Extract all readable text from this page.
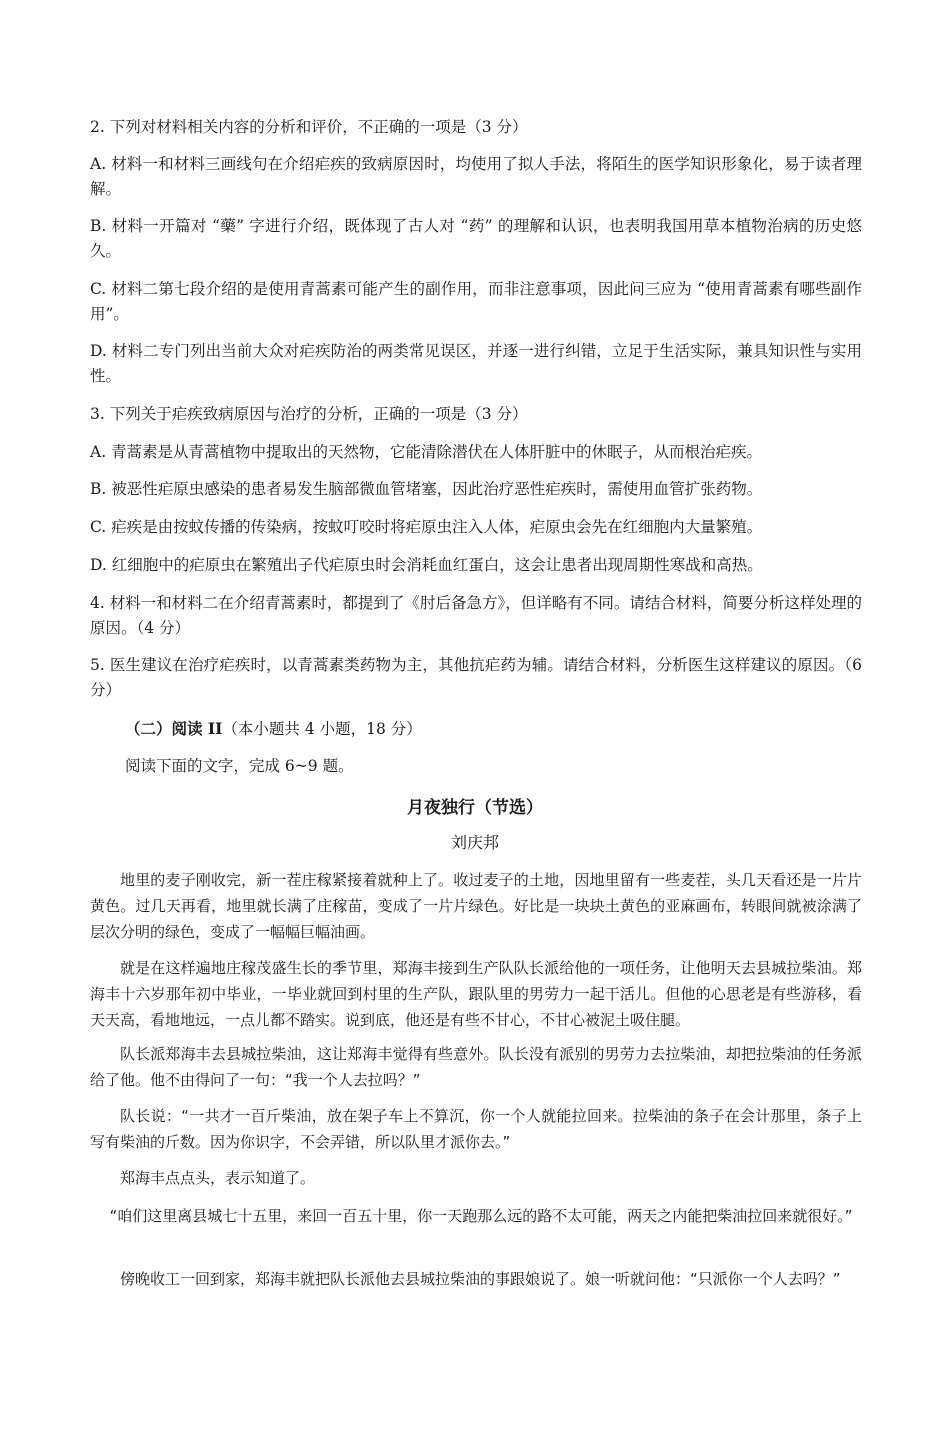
2. 下列对材料相关内容的分析和评价，不正确的一项是（3 分）

A. 材料一和材料三画线句在介绍疟疾的致病原因时，均使用了拟人手法，将陌生的医学知识形象化，易于读者理解。

B. 材料一开篇对 “藥” 字进行介绍，既体现了古人对 “药” 的理解和认识，也表明我国用草本植物治病的历史悠久。

C. 材料二第七段介绍的是使用青蒿素可能产生的副作用，而非注意事项，因此问三应为 “使用青蒿素有哪些副作用”。

D. 材料二专门列出当前大众对疟疾防治的两类常见误区，并逐一进行纠错，立足于生活实际，兼具知识性与实用性。

3. 下列关于疟疾致病原因与治疗的分析，正确的一项是（3 分）

A. 青蒿素是从青蒿植物中提取出的天然物，它能清除潜伏在人体肝脏中的休眠子，从而根治疟疾。

B. 被恶性疟原虫感染的患者易发生脑部微血管堵塞，因此治疗恶性疟疾时，需使用血管扩张药物。

C. 疟疾是由按蚊传播的传染病，按蚊叮咬时将疟原虫注入人体，疟原虫会先在红细胞内大量繁殖。

D. 红细胞中的疟原虫在繁殖出子代疟原虫时会消耗血红蛋白，这会让患者出现周期性寒战和高热。

4. 材料一和材料二在介绍青蒿素时，都提到了《肘后备急方》，但详略有不同。请结合材料，简要分析这样处理的原因。（4 分）

5. 医生建议在治疗疟疾时，以青蒿素类药物为主，其他抗疟药为辅。请结合材料，分析医生这样建议的原因。（6 分）

（二）阅读 II（本小题共 4 小题，18 分）

阅读下面的文字，完成 6~9 题。

月夜独行（节选）

刘庆邦

地里的麦子刚收完，新一茬庄稼紧接着就种上了。收过麦子的土地，因地里留有一些麦茬，头几天看还是一片片黄色。过几天再看，地里就长满了庄稼苗，变成了一片片绿色。好比是一块块土黄色的亚麻画布，转眼间就被涂满了层次分明的绿色，变成了一幅幅巨幅油画。

就是在这样遍地庄稼茂盛生长的季节里，郑海丰接到生产队队长派给他的一项任务，让他明天去县城拉柴油。郑海丰十六岁那年初中毕业，一毕业就回到村里的生产队，跟队里的男劳力一起干活儿。但他的心思老是有些游移，看天天高，看地地远，一点儿都不踏实。说到底，他还是有些不甘心，不甘心被泥土吸住腿。

队长派郑海丰去县城拉柴油，这让郑海丰觉得有些意外。队长没有派别的男劳力去拉柴油，却把拉柴油的任务派给了他。他不由得问了一句：“我一个人去拉吗？”

队长说：“一共才一百斤柴油，放在架子车上不算沉，你一个人就能拉回来。拉柴油的条子在会计那里，条子上写有柴油的斤数。因为你识字，不会弄错，所以队里才派你去。”

郑海丰点点头，表示知道了。

“咱们这里离县城七十五里，来回一百五十里，你一天跑那么远的路不太可能，两天之内能把柴油拉回来就很好。”

傍晚收工一回到家，郑海丰就把队长派他去县城拉柴油的事跟娘说了。娘一听就问他：“只派你一个人去吗？”
